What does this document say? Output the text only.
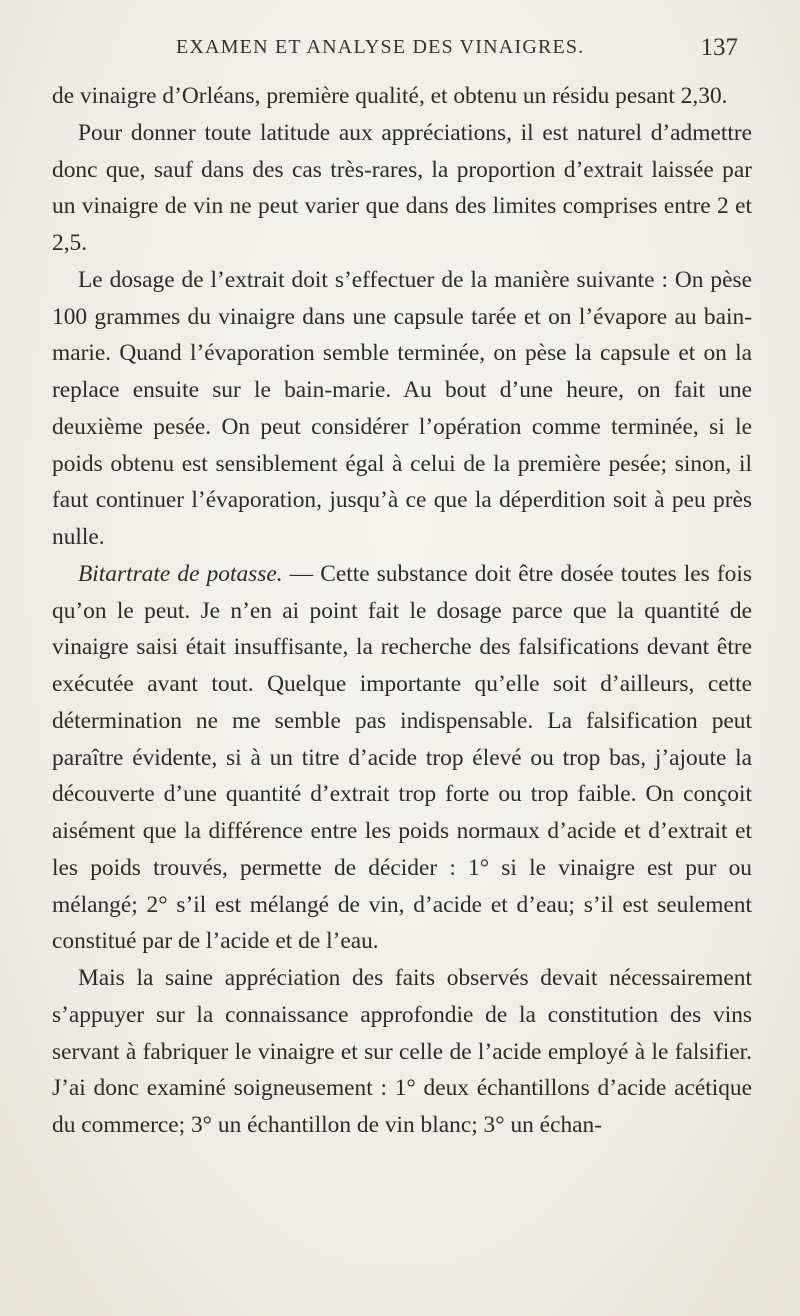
EXAMEN ET ANALYSE DES VINAIGRES.	137

de vinaigre d’Orléans, première qualité, et obtenu un résidu pesant 2,30.

Pour donner toute latitude aux appréciations, il est naturel d’admettre donc que, sauf dans des cas très-rares, la proportion d’extrait laissée par un vinaigre de vin ne peut varier que dans des limites comprises entre 2 et 2,5.

Le dosage de l’extrait doit s’effectuer de la manière suivante : On pèse 100 grammes du vinaigre dans une capsule tarée et on l’évapore au bain-marie. Quand l’évaporation semble terminée, on pèse la capsule et on la replace ensuite sur le bain-marie. Au bout d’une heure, on fait une deuxième pesée. On peut considérer l’opération comme terminée, si le poids obtenu est sensiblement égal à celui de la première pesée; sinon, il faut continuer l’évaporation, jusqu’à ce que la déperdition soit à peu près nulle.

Bitartrate de potasse. — Cette substance doit être dosée toutes les fois qu’on le peut. Je n’en ai point fait le dosage parce que la quantité de vinaigre saisi était insuffisante, la recherche des falsifications devant être exécutée avant tout. Quelque importante qu’elle soit d’ailleurs, cette détermination ne me semble pas indispensable. La falsification peut paraître évidente, si à un titre d’acide trop élevé ou trop bas, j’ajoute la découverte d’une quantité d’extrait trop forte ou trop faible. On conçoit aisément que la différence entre les poids normaux d’acide et d’extrait et les poids trouvés, permette de décider : 1° si le vinaigre est pur ou mélangé; 2° s’il est mélangé de vin, d’acide et d’eau; s’il est seulement constitué par de l’acide et de l’eau.

Mais la saine appréciation des faits observés devait nécessairement s’appuyer sur la connaissance approfondie de la constitution des vins servant à fabriquer le vinaigre et sur celle de l’acide employé à le falsifier. J’ai donc examiné soigneusement : 1° deux échantillons d’acide acétique du commerce; 3° un échantillon de vin blanc; 3° un échan-
